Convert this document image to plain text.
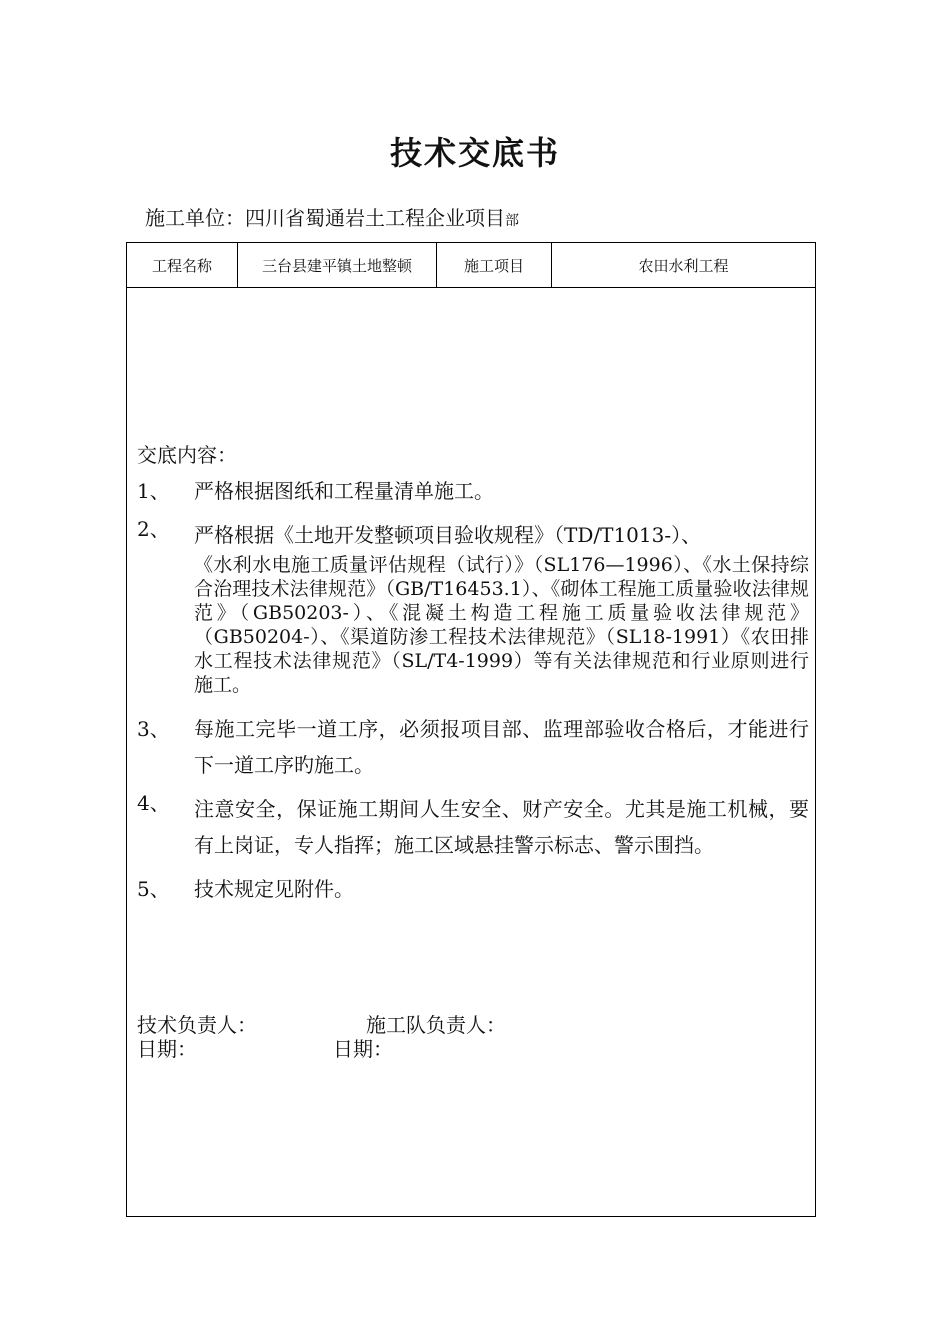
技术交底书
施工单位：四川省蜀通岩土工程企业项目部
工程名称	三台县建平镇土地整顿	施工项目	农田水利工程
交底内容：
1、 严格根据图纸和工程量清单施工。
2、 严格根据《土地开发整顿项目验收规程》（TD/T1013-）、
《水利水电施工质量评估规程（试行）》（SL176—1996）、《水土保持综合治理技术法律规范》（GB/T16453.1）、《砌体工程施工质量验收法律规范》（GB50203-）、《混凝土构造工程施工质量验收法律规范》（GB50204-）、《渠道防渗工程技术法律规范》（SL18-1991）《农田排水工程技术法律规范》（SL/T4-1999）等有关法律规范和行业原则进行施工。
3、 每施工完毕一道工序，必须报项目部、监理部验收合格后，才能进行下一道工序旳施工。
4、 注意安全，保证施工期间人生安全、财产安全。尤其是施工机械，要有上岗证，专人指挥；施工区域悬挂警示标志、警示围挡。
5、 技术规定见附件。
技术负责人：	施工队负责人：
日期：	日期：
